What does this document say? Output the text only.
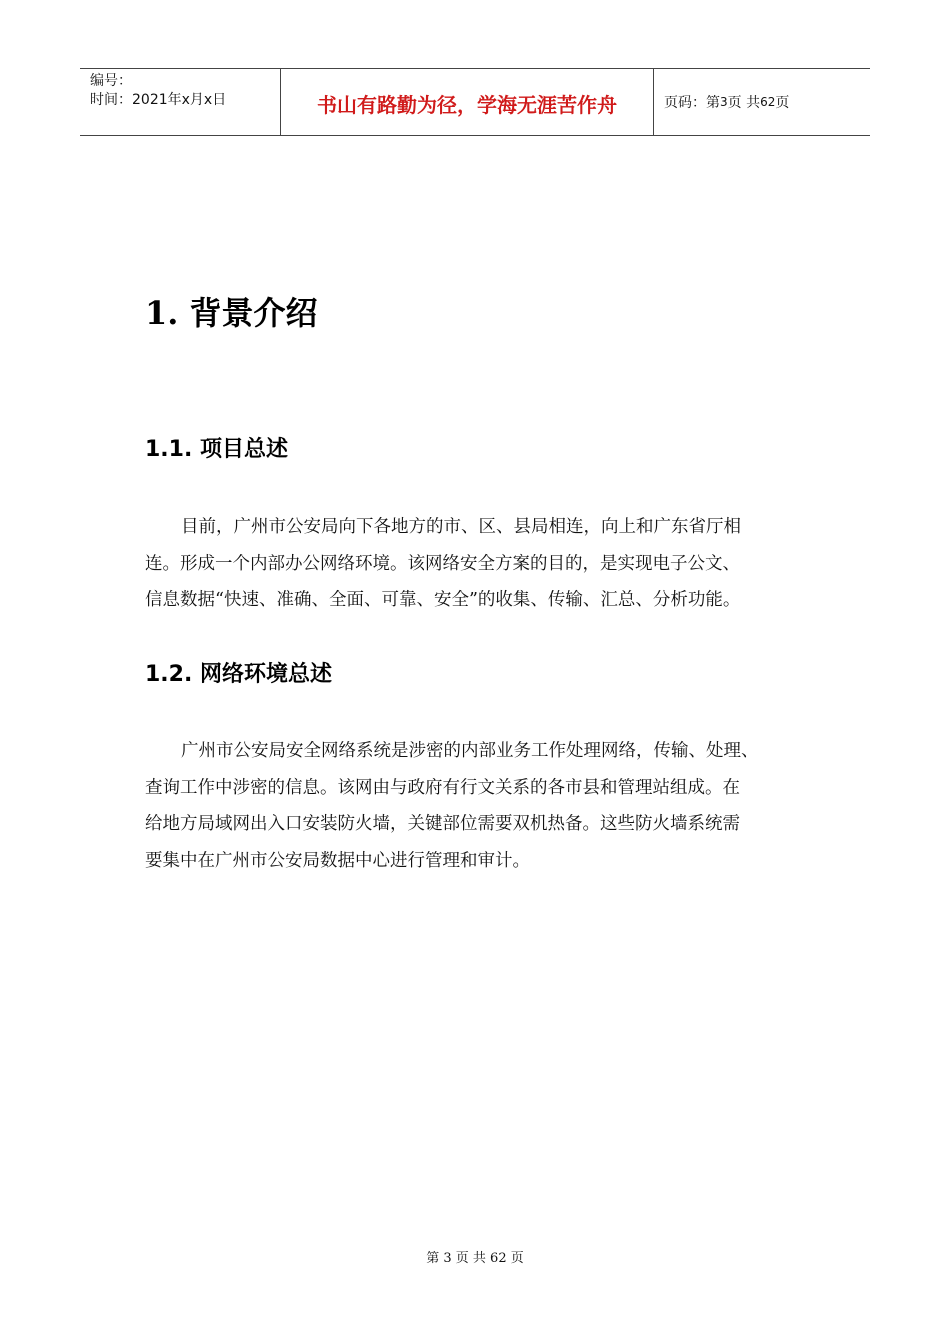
编号：
时间：2021年x月x日	书山有路勤为径，学海无涯苦作舟	页码：第 3 页 共 62 页
1. 背景介绍
1.1. 项目总述
目前，广州市公安局向下各地方的市、区、县局相连，向上和广东省厅相
连。形成一个内部办公网络环境。该网络安全方案的目的，是实现电子公文、
信息数据“快速、准确、全面、可靠、安全”的收集、传输、汇总、分析功能。
1.2. 网络环境总述
广州市公安局安全网络系统是涉密的内部业务工作处理网络，传输、处理、
查询工作中涉密的信息。该网由与政府有行文关系的各市县和管理站组成。在
给地方局域网出入口安装防火墙，关键部位需要双机热备。这些防火墙系统需
要集中在广州市公安局数据中心进行管理和审计。
第 3 页 共 62 页
